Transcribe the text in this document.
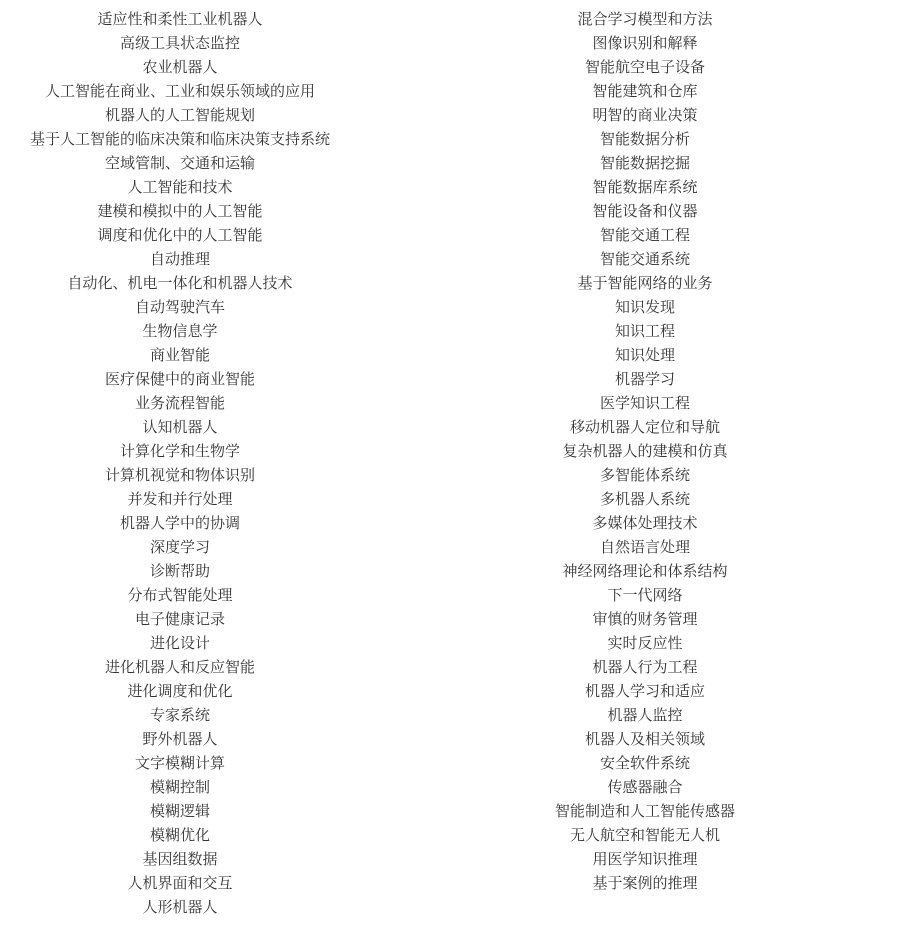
适应性和柔性工业机器人
高级工具状态监控
农业机器人
人工智能在商业、工业和娱乐领域的应用
机器人的人工智能规划
基于人工智能的临床决策和临床决策支持系统
空域管制、交通和运输
人工智能和技术
建模和模拟中的人工智能
调度和优化中的人工智能
自动推理
自动化、机电一体化和机器人技术
自动驾驶汽车
生物信息学
商业智能
医疗保健中的商业智能
业务流程智能
认知机器人
计算化学和生物学
计算机视觉和物体识别
并发和并行处理
机器人学中的协调
深度学习
诊断帮助
分布式智能处理
电子健康记录
进化设计
进化机器人和反应智能
进化调度和优化
专家系统
野外机器人
文字模糊计算
模糊控制
模糊逻辑
模糊优化
基因组数据
人机界面和交互
人形机器人
混合学习模型和方法
图像识别和解释
智能航空电子设备
智能建筑和仓库
明智的商业决策
智能数据分析
智能数据挖掘
智能数据库系统
智能设备和仪器
智能交通工程
智能交通系统
基于智能网络的业务
知识发现
知识工程
知识处理
机器学习
医学知识工程
移动机器人定位和导航
复杂机器人的建模和仿真
多智能体系统
多机器人系统
多媒体处理技术
自然语言处理
神经网络理论和体系结构
下一代网络
审慎的财务管理
实时反应性
机器人行为工程
机器人学习和适应
机器人监控
机器人及相关领域
安全软件系统
传感器融合
智能制造和人工智能传感器
无人航空和智能无人机
用医学知识推理
基于案例的推理
